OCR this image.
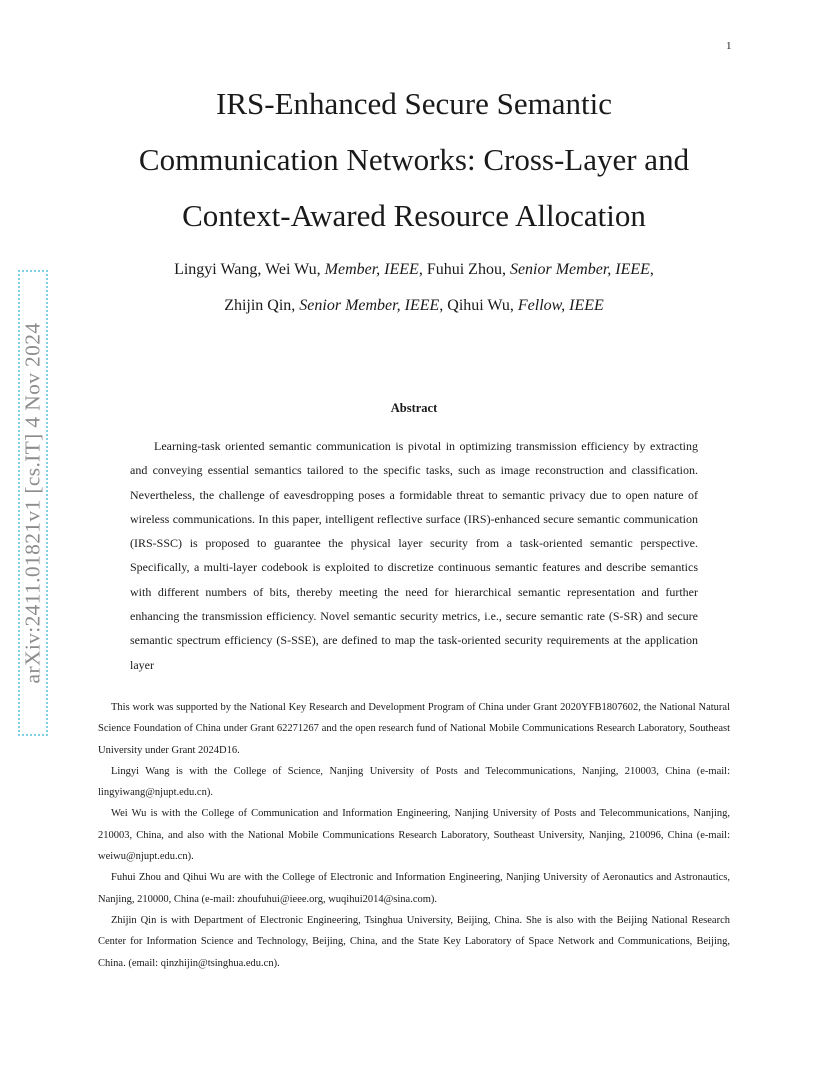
1
arXiv:2411.01821v1 [cs.IT] 4 Nov 2024
IRS-Enhanced Secure Semantic
Communication Networks: Cross-Layer and
Context-Awared Resource Allocation
Lingyi Wang, Wei Wu, Member, IEEE, Fuhui Zhou, Senior Member, IEEE,
Zhijin Qin, Senior Member, IEEE, Qihui Wu, Fellow, IEEE
Abstract

Learning-task oriented semantic communication is pivotal in optimizing transmission efficiency by extracting and conveying essential semantics tailored to the specific tasks, such as image reconstruction and classification. Nevertheless, the challenge of eavesdropping poses a formidable threat to semantic privacy due to open nature of wireless communications. In this paper, intelligent reflective surface (IRS)-enhanced secure semantic communication (IRS-SSC) is proposed to guarantee the physical layer security from a task-oriented semantic perspective. Specifically, a multi-layer codebook is exploited to discretize continuous semantic features and describe semantics with different numbers of bits, thereby meeting the need for hierarchical semantic representation and further enhancing the transmission efficiency. Novel semantic security metrics, i.e., secure semantic rate (S-SR) and secure semantic spectrum efficiency (S-SSE), are defined to map the task-oriented security requirements at the application layer

This work was supported by the National Key Research and Development Program of China under Grant 2020YFB1807602, the National Natural Science Foundation of China under Grant 62271267 and the open research fund of National Mobile Communications Research Laboratory, Southeast University under Grant 2024D16.

Lingyi Wang is with the College of Science, Nanjing University of Posts and Telecommunications, Nanjing, 210003, China (e-mail: lingyiwang@njupt.edu.cn).

Wei Wu is with the College of Communication and Information Engineering, Nanjing University of Posts and Telecommunications, Nanjing, 210003, China, and also with the National Mobile Communications Research Laboratory, Southeast University, Nanjing, 210096, China (e-mail: weiwu@njupt.edu.cn).

Fuhui Zhou and Qihui Wu are with the College of Electronic and Information Engineering, Nanjing University of Aeronautics and Astronautics, Nanjing, 210000, China (e-mail: zhoufuhui@ieee.org, wuqihui2014@sina.com).

Zhijin Qin is with Department of Electronic Engineering, Tsinghua University, Beijing, China. She is also with the Beijing National Research Center for Information Science and Technology, Beijing, China, and the State Key Laboratory of Space Network and Communications, Beijing, China. (email: qinzhijin@tsinghua.edu.cn).
